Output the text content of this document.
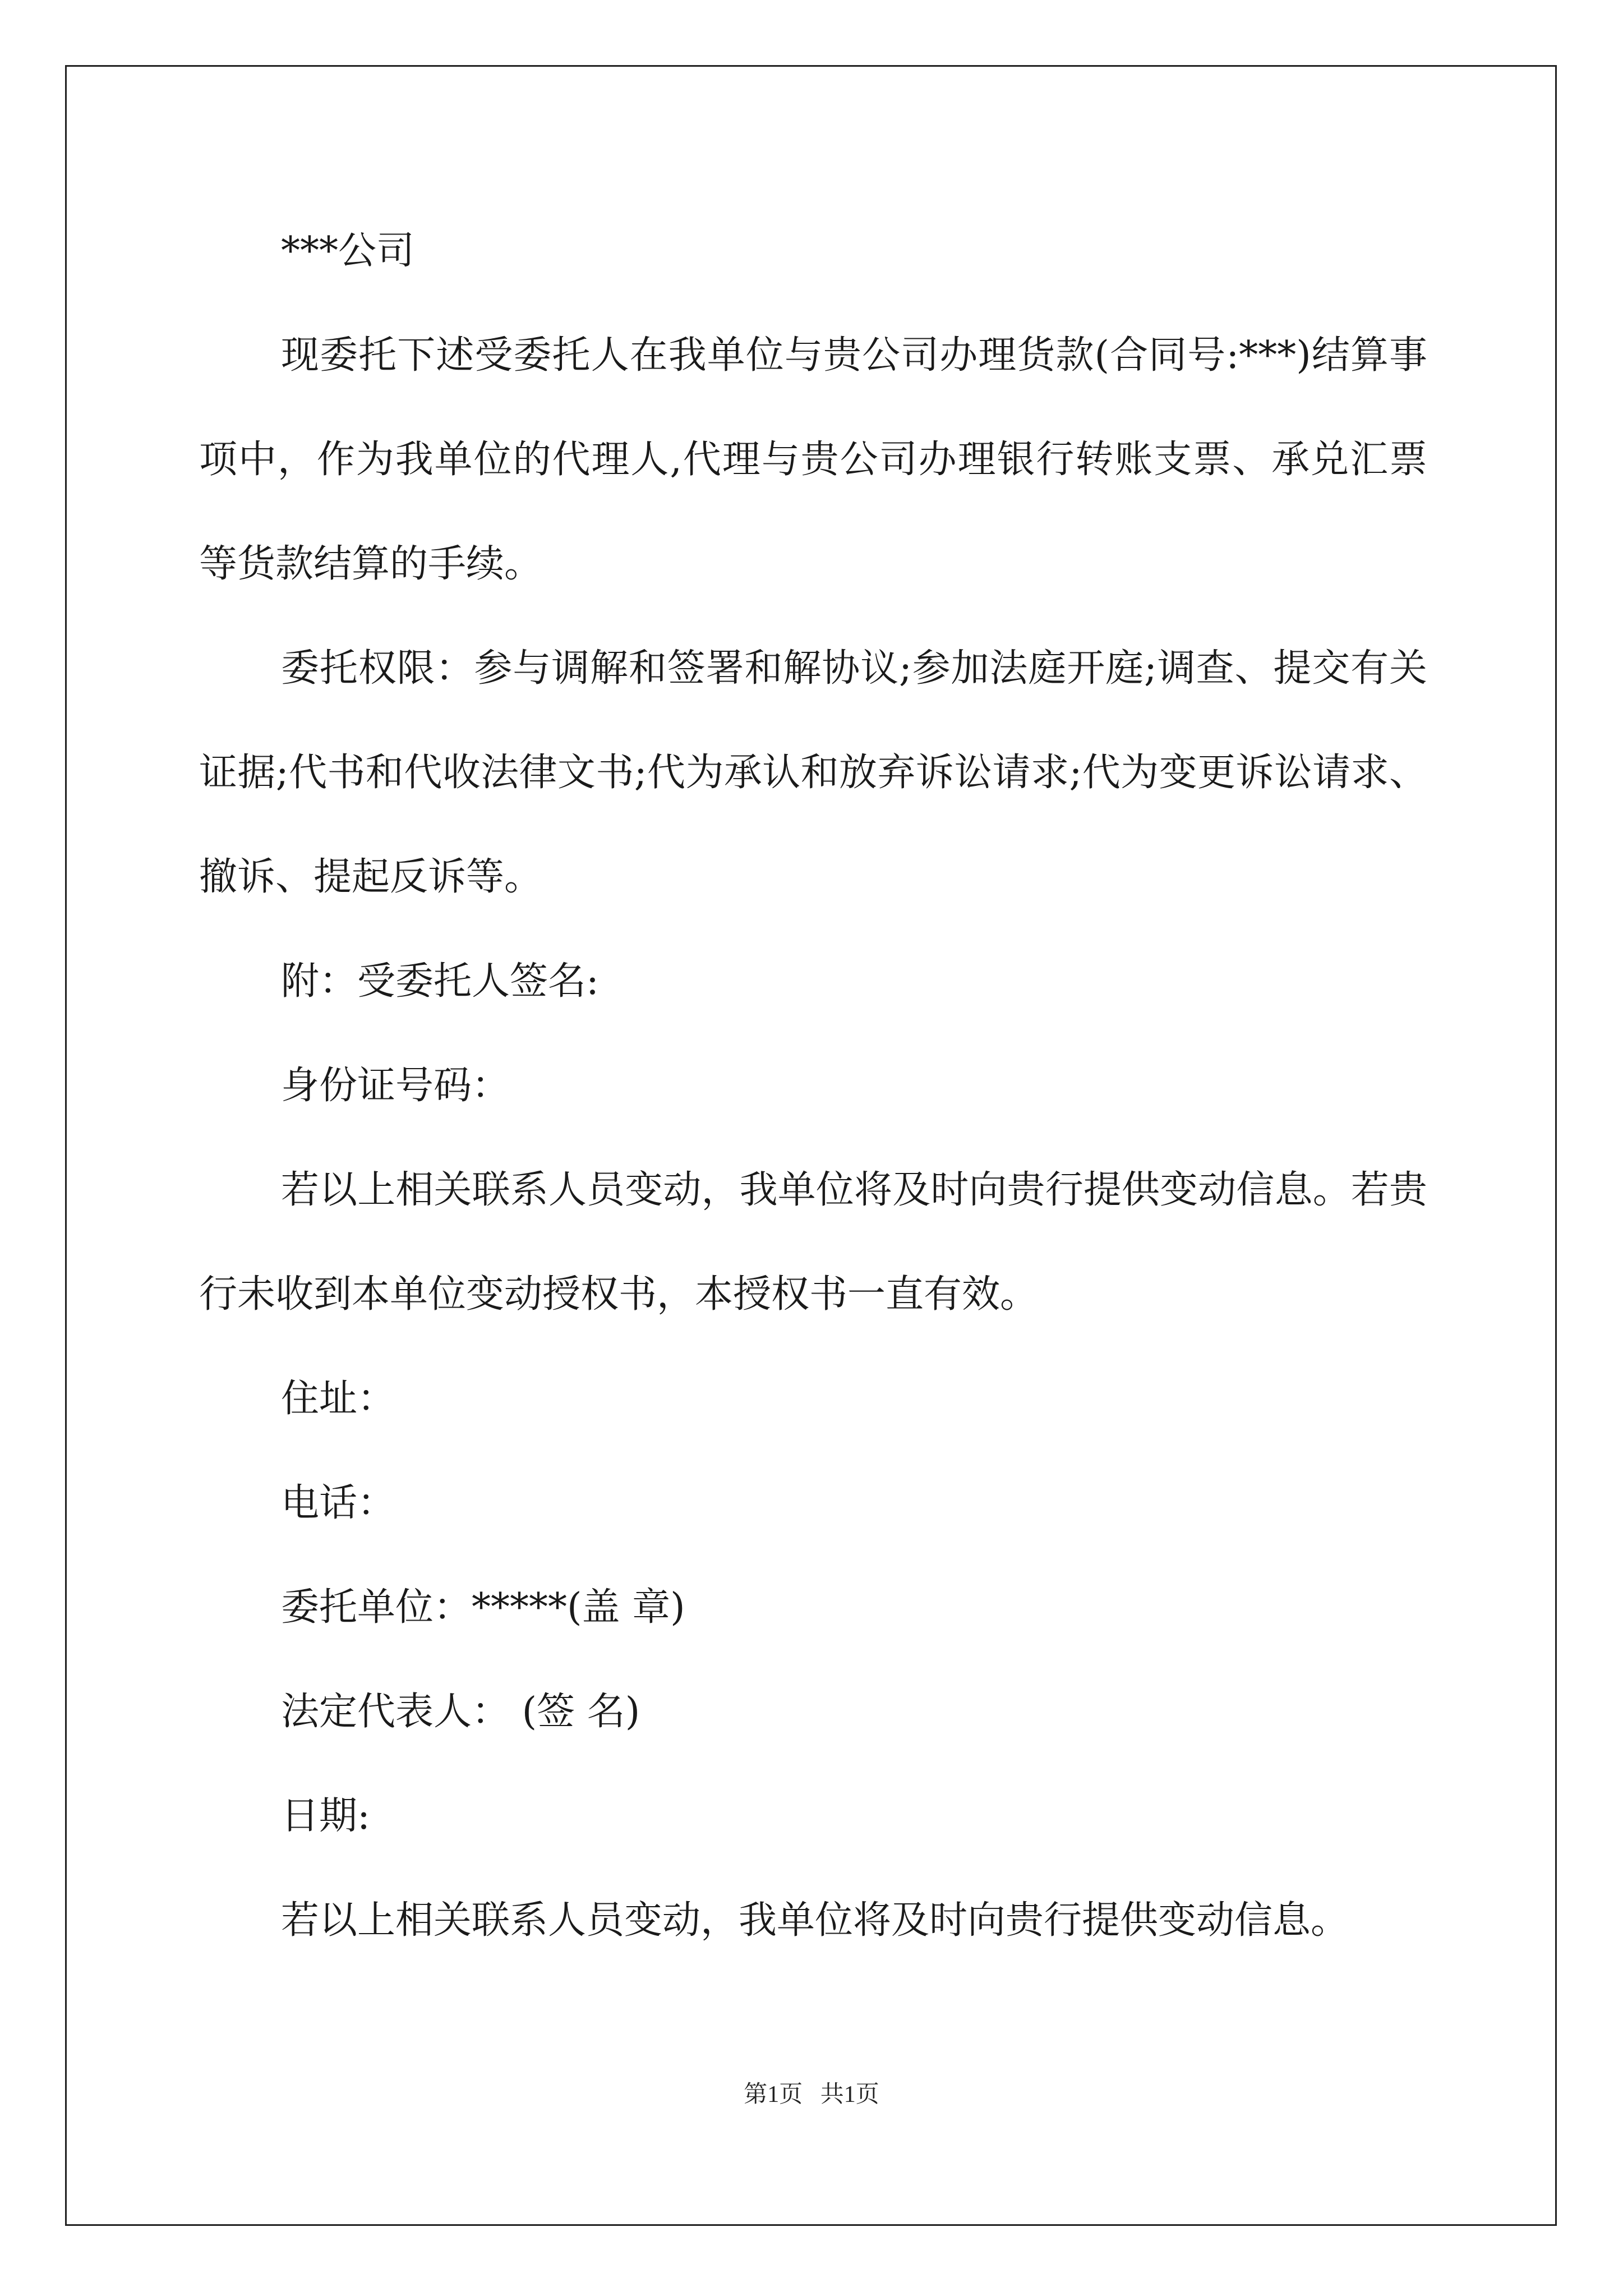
***公司

现委托下述受委托人在我单位与贵公司办理货款(合同号:***)结算事项中，作为我单位的代理人,代理与贵公司办理银行转账支票、承兑汇票等货款结算的手续。

委托权限：参与调解和签署和解协议;参加法庭开庭;调查、提交有关证据;代书和代收法律文书;代为承认和放弃诉讼请求;代为变更诉讼请求、撤诉、提起反诉等。

附：受委托人签名:

身份证号码：

若以上相关联系人员变动，我单位将及时向贵行提供变动信息。若贵行未收到本单位变动授权书，本授权书一直有效。

住址：

电话：

委托单位：*****(盖 章)

法定代表人： (签 名)

日期:

若以上相关联系人员变动，我单位将及时向贵行提供变动信息。

第1页   共1页
